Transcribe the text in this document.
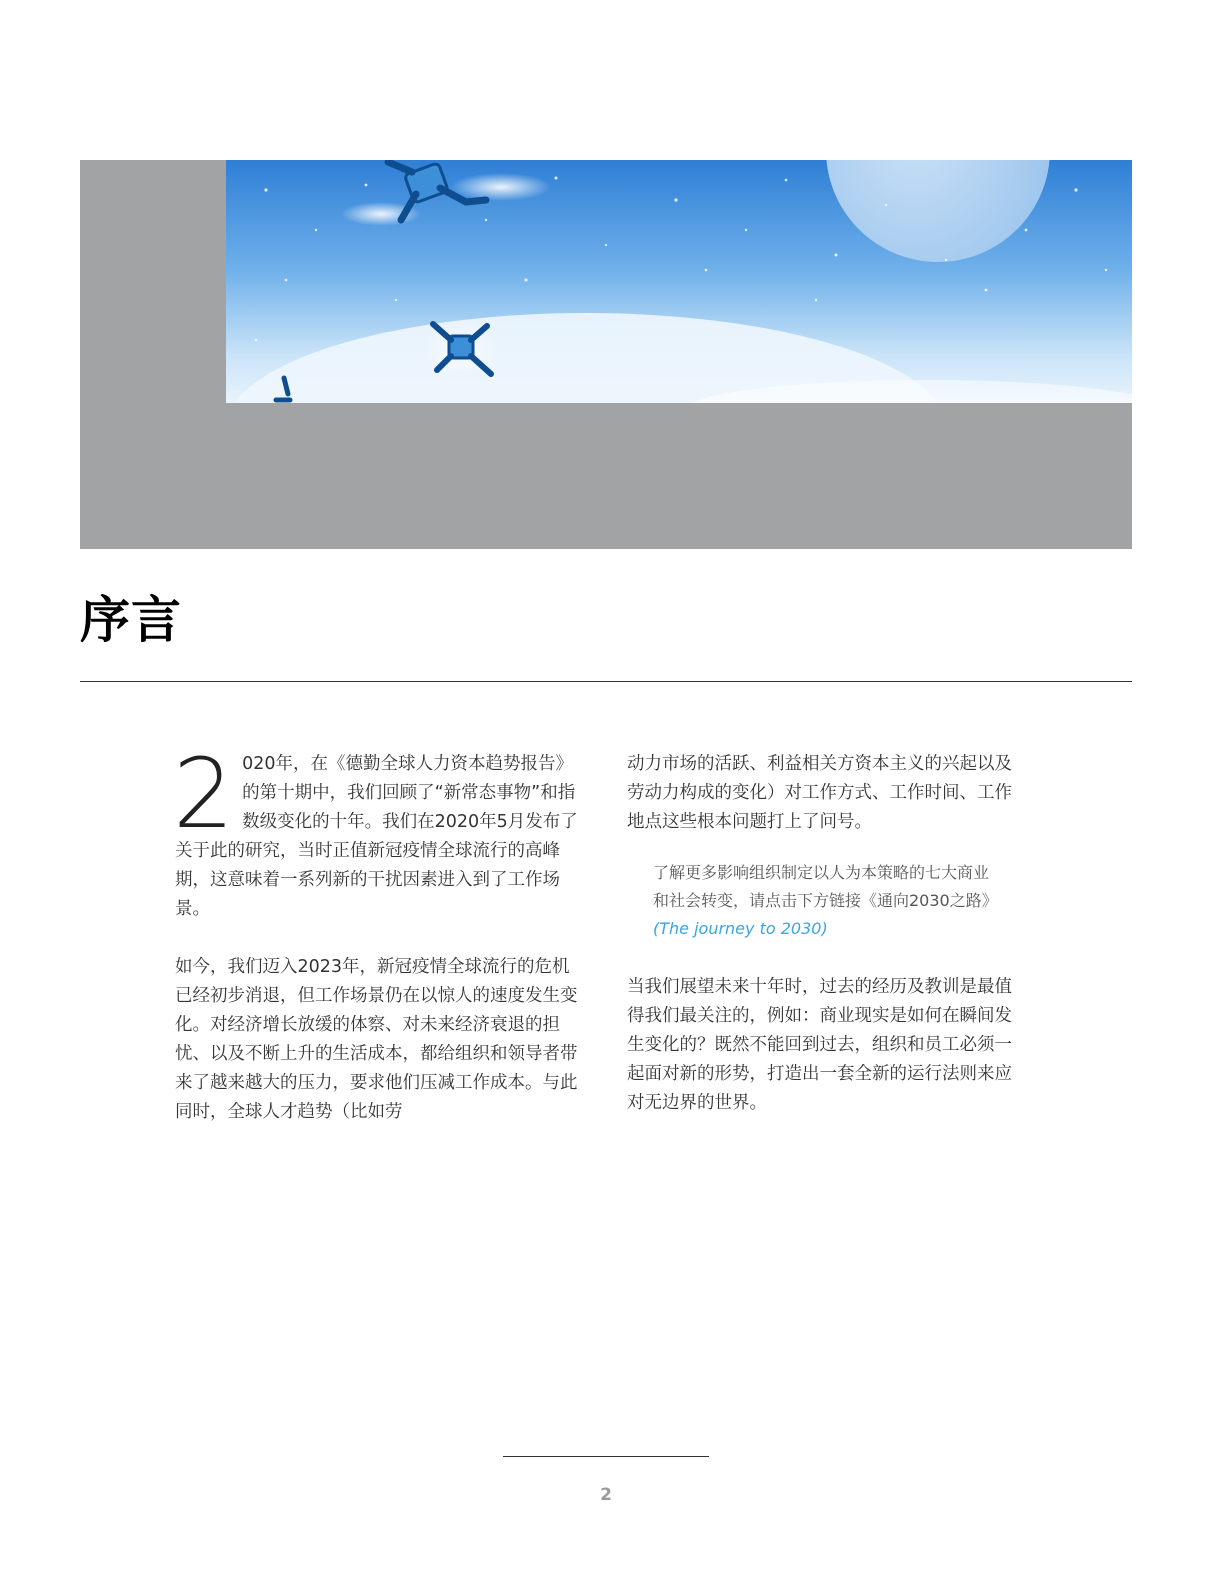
序言

2 020年，在《德勤全球人力资本趋势报告》的第十期中，我们回顾了“新常态事物”和指数级变化的十年。我们在2020年5月发布了关于此的研究，当时正值新冠疫情全球流行的高峰期，这意味着一系列新的干扰因素进入到了工作场景。

如今，我们迈入2023年，新冠疫情全球流行的危机已经初步消退，但工作场景仍在以惊人的速度发生变化。对经济增长放缓的体察、对未来经济衰退的担忧、以及不断上升的生活成本，都给组织和领导者带来了越来越大的压力，要求他们压减工作成本。与此同时，全球人才趋势（比如劳

动力市场的活跃、利益相关方资本主义的兴起以及劳动力构成的变化）对工作方式、工作时间、工作地点这些根本问题打上了问号。

了解更多影响组织制定以人为本策略的七大商业和社会转变，请点击下方链接《通向2030之路》(The journey to 2030)

当我们展望未来十年时，过去的经历及教训是最值得我们最关注的，例如：商业现实是如何在瞬间发生变化的？既然不能回到过去，组织和员工必须一起面对新的形势，打造出一套全新的运行法则来应对无边界的世界。

2
